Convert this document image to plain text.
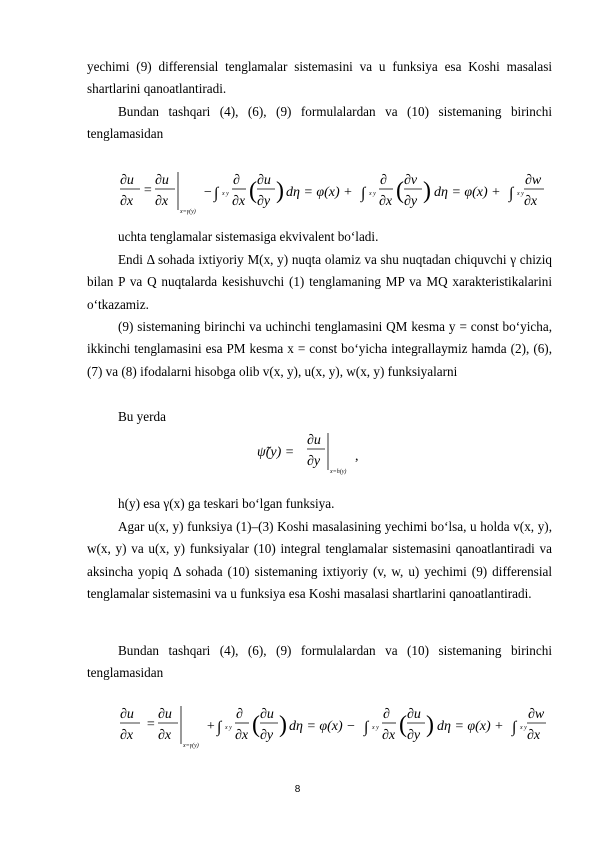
yechimi (9) differensial tenglamalar sistemasini va u funksiya esa Koshi masalasi shartlarini qanoatlantiradi.

Bundan tashqari (4), (6), (9) formulalardan va (10) sistemaning birinchi tenglamasidan

∂u
∂x
=
∂u
∂x
x=γ(y)
− ∫ x y
∂
∂x ( ∂u
∂y ) dη = φ(x) + ∫ x y
∂
∂x ( ∂v
∂y ) dη = φ(x) + ∫ x y
∂w
∂x

uchta tenglamalar sistemasiga ekvivalent bo‘ladi.

Endi Δ sohada ixtiyoriy M(x, y) nuqta olamiz va shu nuqtadan chiquvchi γ chiziq bilan P va Q nuqtalarda kesishuvchi (1) tenglamaning MP va MQ xarakteristikalarini o‘tkazamiz.

(9) sistemaning birinchi va uchinchi tenglamasini QM kesma y = const bo‘yicha, ikkinchi tenglamasini esa PM kesma x = const bo‘yicha integrallaymiz hamda (2), (6), (7) va (8) ifodalarni hisobga olib v(x, y), u(x, y), w(x, y) funksiyalarni

Bu yerda

ψ̃(y) =
∂u
∂y
x=h(y)
,

h(y) esa γ(x) ga teskari bo‘lgan funksiya.

Agar u(x, y) funksiya (1)–(3) Koshi masalasining yechimi bo‘lsa, u holda v(x, y), w(x, y) va u(x, y) funksiyalar (10) integral tenglamalar sistemasini qanoatlantiradi va aksincha yopiq Δ sohada (10) sistemaning ixtiyoriy (v, w, u) yechimi (9) differensial tenglamalar sistemasini va u funksiya esa Koshi masalasi shartlarini qanoatlantiradi.

Bundan tashqari (4), (6), (9) formulalardan va (10) sistemaning birinchi tenglamasidan

∂u
∂x
=
∂u
∂x
x=γ(y)
+ ∫ x y
∂
∂x ( ∂u
∂y ) dη = φ(x) − ∫ x y
∂
∂x ( ∂u
∂y ) dη = φ(x) + ∫ x y
∂w
∂x
8
